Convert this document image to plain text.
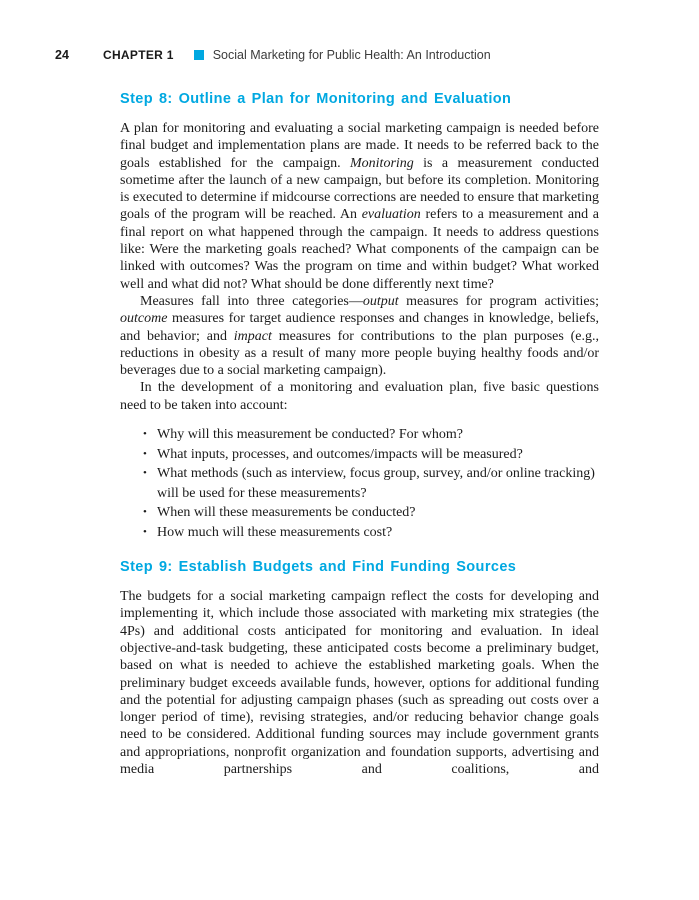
24	CHAPTER 1	Social Marketing for Public Health: An Introduction
Step 8: Outline a Plan for Monitoring and Evaluation

A plan for monitoring and evaluating a social marketing campaign is needed before final budget and implementation plans are made. It needs to be referred back to the goals established for the campaign. Monitoring is a measurement conducted sometime after the launch of a new campaign, but before its completion. Monitoring is executed to determine if midcourse corrections are needed to ensure that marketing goals of the program will be reached. An evaluation refers to a measurement and a final report on what happened through the campaign. It needs to address questions like: Were the marketing goals reached? What components of the campaign can be linked with outcomes? Was the program on time and within budget? What worked well and what did not? What should be done differently next time?

Measures fall into three categories—output measures for program activities; outcome measures for target audience responses and changes in knowledge, beliefs, and behavior; and impact measures for contributions to the plan purposes (e.g., reductions in obesity as a result of many more people buying healthy foods and/or beverages due to a social marketing campaign).

In the development of a monitoring and evaluation plan, five basic questions need to be taken into account:

• Why will this measurement be conducted? For whom?
• What inputs, processes, and outcomes/impacts will be measured?
• What methods (such as interview, focus group, survey, and/or online tracking) will be used for these measurements?
• When will these measurements be conducted?
• How much will these measurements cost?
Step 9: Establish Budgets and Find Funding Sources

The budgets for a social marketing campaign reflect the costs for developing and implementing it, which include those associated with marketing mix strategies (the 4Ps) and additional costs anticipated for monitoring and evaluation. In ideal objective-and-task budgeting, these anticipated costs become a preliminary budget, based on what is needed to achieve the established marketing goals. When the preliminary budget exceeds available funds, however, options for additional funding and the potential for adjusting campaign phases (such as spreading out costs over a longer period of time), revising strategies, and/or reducing behavior change goals need to be considered. Additional funding sources may include government grants and appropriations, nonprofit organization and foundation supports, advertising and media partnerships and coalitions, and
